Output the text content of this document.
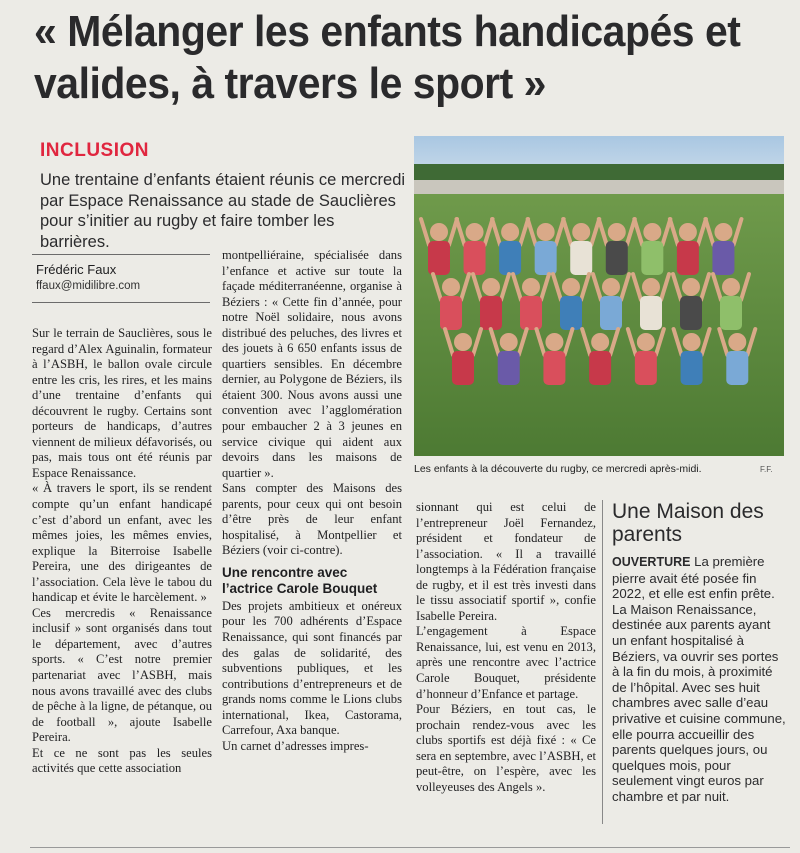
« Mélanger les enfants handicapés et valides, à travers le sport »
INCLUSION
Une trentaine d’enfants étaient réunis ce mercredi par Espace Renaissance au stade de Sauclières pour s’initier au rugby et faire tomber les barrières.
Frédéric Faux
ffaux@midilibre.com

Sur le terrain de Sauclières, sous le regard d’Alex Aguinalin, formateur à l’ASBH, le ballon ovale circule entre les cris, les rires, et les mains d’une trentaine d’enfants qui découvrent le rugby. Certains sont porteurs de handicaps, d’autres viennent de milieux défavorisés, ou pas, mais tous ont été réunis par Espace Renaissance.

« À travers le sport, ils se rendent compte qu’un enfant handicapé c’est d’abord un enfant, avec les mêmes joies, les mêmes envies, explique la Biterroise Isabelle Pereira, une des dirigeantes de l’association. Cela lève le tabou du handicap et évite le harcèlement. »

Ces mercredis « Renaissance inclusif » sont organisés dans tout le département, avec d’autres sports. « C’est notre premier partenariat avec l’ASBH, mais nous avons travaillé avec des clubs de pêche à la ligne, de pétanque, ou de football », ajoute Isabelle Pereira.

Et ce ne sont pas les seules activités que cette association

montpelliéraine, spécialisée dans l’enfance et active sur toute la façade méditerranéenne, organise à Béziers : « Cette fin d’année, pour notre Noël solidaire, nous avons distribué des peluches, des livres et des jouets à 6 650 enfants issus de quartiers sensibles. En décembre dernier, au Polygone de Béziers, ils étaient 300. Nous avons aussi une convention avec l’agglomération pour embaucher 2 à 3 jeunes en service civique qui aident aux devoirs dans les maisons de quartier ».

Sans compter des Maisons des parents, pour ceux qui ont besoin d’être près de leur enfant hospitalisé, à Montpellier et Béziers (voir ci-contre).

Une rencontre avec l’actrice Carole Bouquet

Des projets ambitieux et onéreux pour les 700 adhérents d’Espace Renaissance, qui sont financés par des galas de solidarité, des subventions publiques, et les contributions d’entrepreneurs et de grands noms comme le Lions clubs international, Ikea, Castorama, Carrefour, Axa banque.

Un carnet d’adresses impres-

sionnant qui est celui de l’entrepreneur Joël Fernandez, président et fondateur de l’association. « Il a travaillé longtemps à la Fédération française de rugby, et il est très investi dans le tissu associatif sportif », confie Isabelle Pereira.

L’engagement à Espace Renaissance, lui, est venu en 2013, après une rencontre avec l’actrice Carole Bouquet, présidente d’honneur d’Enfance et partage.

Pour Béziers, en tout cas, le prochain rendez-vous avec les clubs sportifs est déjà fixé : « Ce sera en septembre, avec l’ASBH, et peut-être, on l’espère, avec les volleyeuses des Angels ».

Les enfants à la découverte du rugby, ce mercredi après-midi.	F.F.
Une Maison des parents
OUVERTURE La première pierre avait été posée fin 2022, et elle est enfin prête. La Maison Renaissance, destinée aux parents ayant un enfant hospitalisé à Béziers, va ouvrir ses portes à la fin du mois, à proximité de l’hôpital. Avec ses huit chambres avec salle d’eau privative et cuisine commune, elle pourra accueillir des parents quelques jours, ou quelques mois, pour seulement vingt euros par chambre et par nuit.
